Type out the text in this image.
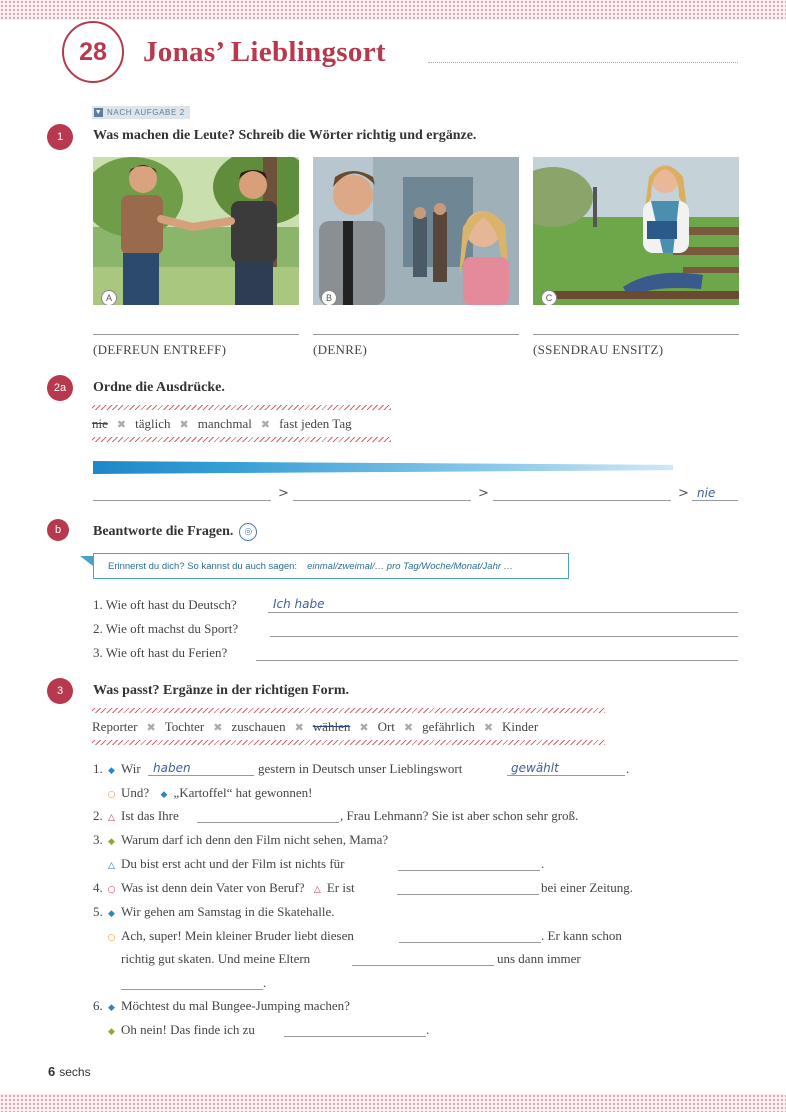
28	Jonas’ Lieblingsort
▼ NACH AUFGABE 2
1	Was machen die Leute? Schreib die Wörter richtig und ergänze.
A	B	C
(DEFREUN ENTREFF)	(DENRE)	(SSENDRAU ENSITZ)
2a	Ordne die Ausdrücke.
nie ✖ täglich ✖ manchmal ✖ fast jeden Tag
>	>	> nie
b	Beantworte die Fragen. ◎
Erinnerst du dich? So kannst du auch sagen: einmal/zweimal/… pro Tag/Woche/Monat/Jahr …
1. Wie oft hast du Deutsch?	Ich habe
2. Wie oft machst du Sport?
3. Wie oft hast du Ferien?
3	Was passt? Ergänze in der richtigen Form.
Reporter ✖ Tochter ✖ zuschauen ✖ wählen ✖ Ort ✖ gefährlich ✖ Kinder
1. ◆ Wir haben	gestern in Deutsch unser Lieblingswort	gewählt	.
○ Und? ◆ „Kartoffel“ hat gewonnen!
2. △ Ist das Ihre	, Frau Lehmann? Sie ist aber schon sehr groß.
3. ◆ Warum darf ich denn den Film nicht sehen, Mama?
△ Du bist erst acht und der Film ist nichts für	.
4. ○ Was ist denn dein Vater von Beruf? △ Er ist	bei einer Zeitung.
5. ◆ Wir gehen am Samstag in die Skatehalle.
○ Ach, super! Mein kleiner Bruder liebt diesen	. Er kann schon
richtig gut skaten. Und meine Eltern	uns dann immer
.
6. ◆ Möchtest du mal Bungee-Jumping machen?
◆ Oh nein! Das finde ich zu	.
6 sechs
